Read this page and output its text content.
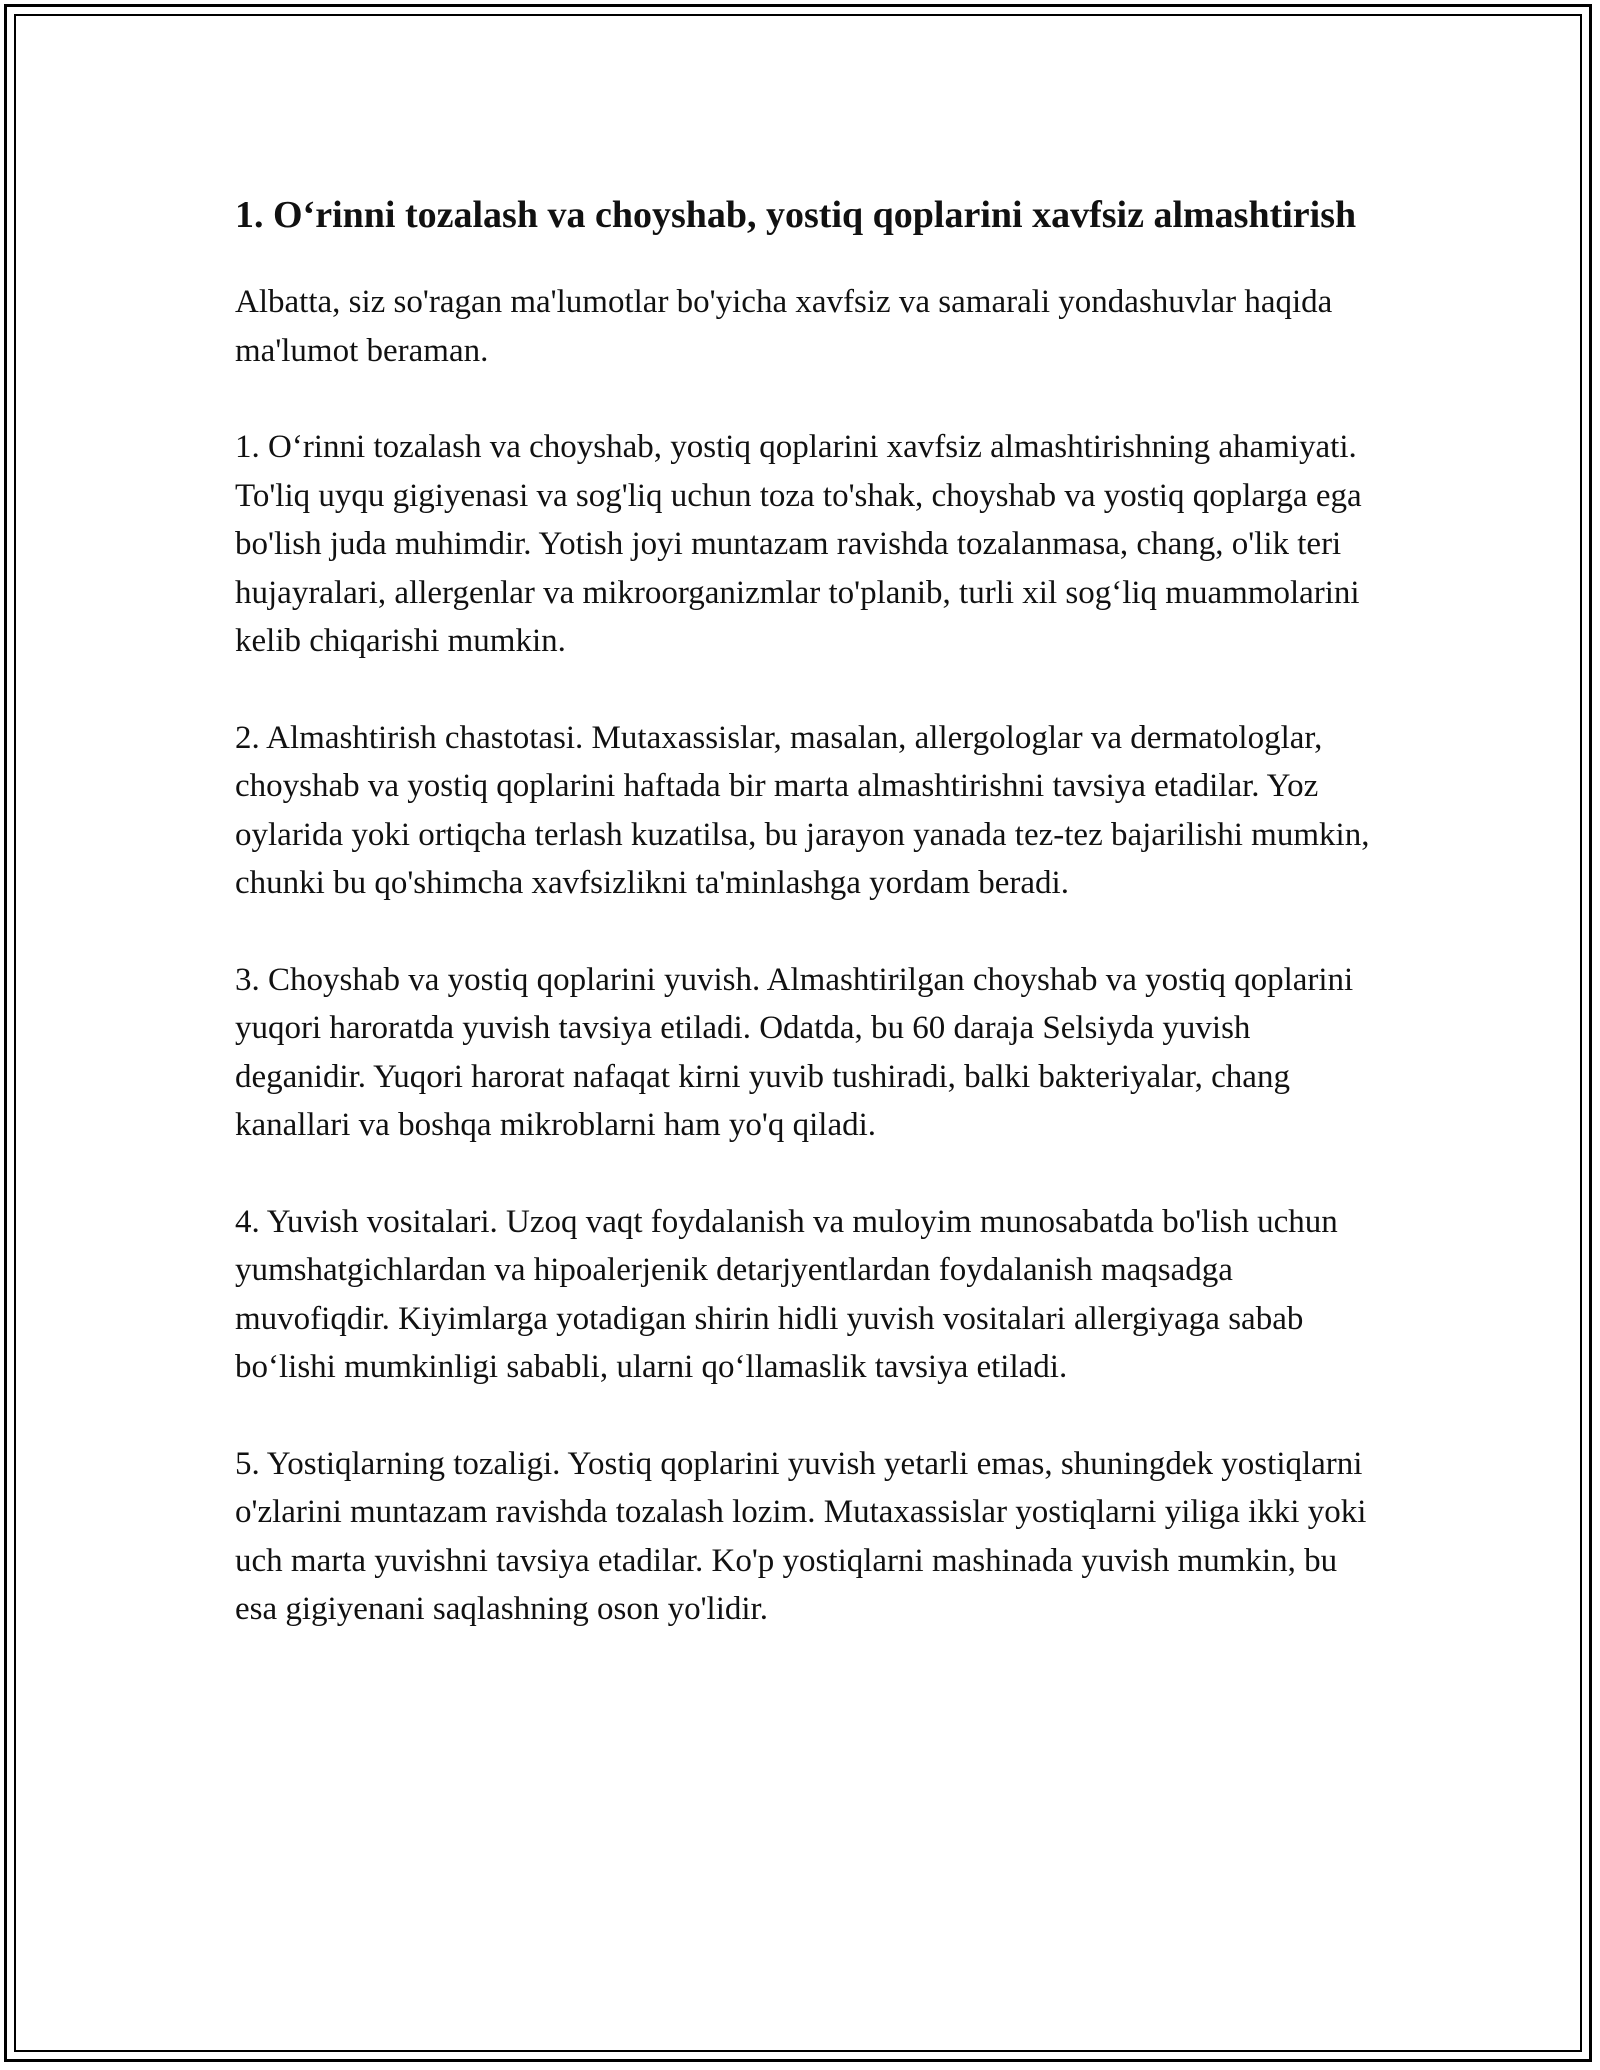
1. O‘rinni tozalash va choyshab, yostiq qoplarini xavfsiz almashtirish

Albatta, siz so'ragan ma'lumotlar bo'yicha xavfsiz va samarali yondashuvlar haqida ma'lumot beraman.

1. O‘rinni tozalash va choyshab, yostiq qoplarini xavfsiz almashtirishning ahamiyati. To'liq uyqu gigiyenasi va sog'liq uchun toza to'shak, choyshab va yostiq qoplarga ega bo'lish juda muhimdir. Yotish joyi muntazam ravishda tozalanmasa, chang, o'lik teri hujayralari, allergenlar va mikroorganizmlar to'planib, turli xil sog‘liq muammolarini kelib chiqarishi mumkin.

2. Almashtirish chastotasi. Mutaxassislar, masalan, allergologlar va dermatologlar, choyshab va yostiq qoplarini haftada bir marta almashtirishni tavsiya etadilar. Yoz oylarida yoki ortiqcha terlash kuzatilsa, bu jarayon yanada tez-tez bajarilishi mumkin, chunki bu qo'shimcha xavfsizlikni ta'minlashga yordam beradi.

3. Choyshab va yostiq qoplarini yuvish. Almashtirilgan choyshab va yostiq qoplarini yuqori haroratda yuvish tavsiya etiladi. Odatda, bu 60 daraja Selsiyda yuvish deganidir. Yuqori harorat nafaqat kirni yuvib tushiradi, balki bakteriyalar, chang kanallari va boshqa mikroblarni ham yo'q qiladi.

4. Yuvish vositalari. Uzoq vaqt foydalanish va muloyim munosabatda bo'lish uchun yumshatgichlardan va hipoalerjenik detarjyentlardan foydalanish maqsadga muvofiqdir. Kiyimlarga yotadigan shirin hidli yuvish vositalari allergiyaga sabab bo‘lishi mumkinligi sababli, ularni qo‘llamaslik tavsiya etiladi.

5. Yostiqlarning tozaligi. Yostiq qoplarini yuvish yetarli emas, shuningdek yostiqlarni o'zlarini muntazam ravishda tozalash lozim. Mutaxassislar yostiqlarni yiliga ikki yoki uch marta yuvishni tavsiya etadilar. Ko'p yostiqlarni mashinada yuvish mumkin, bu esa gigiyenani saqlashning oson yo'lidir.
